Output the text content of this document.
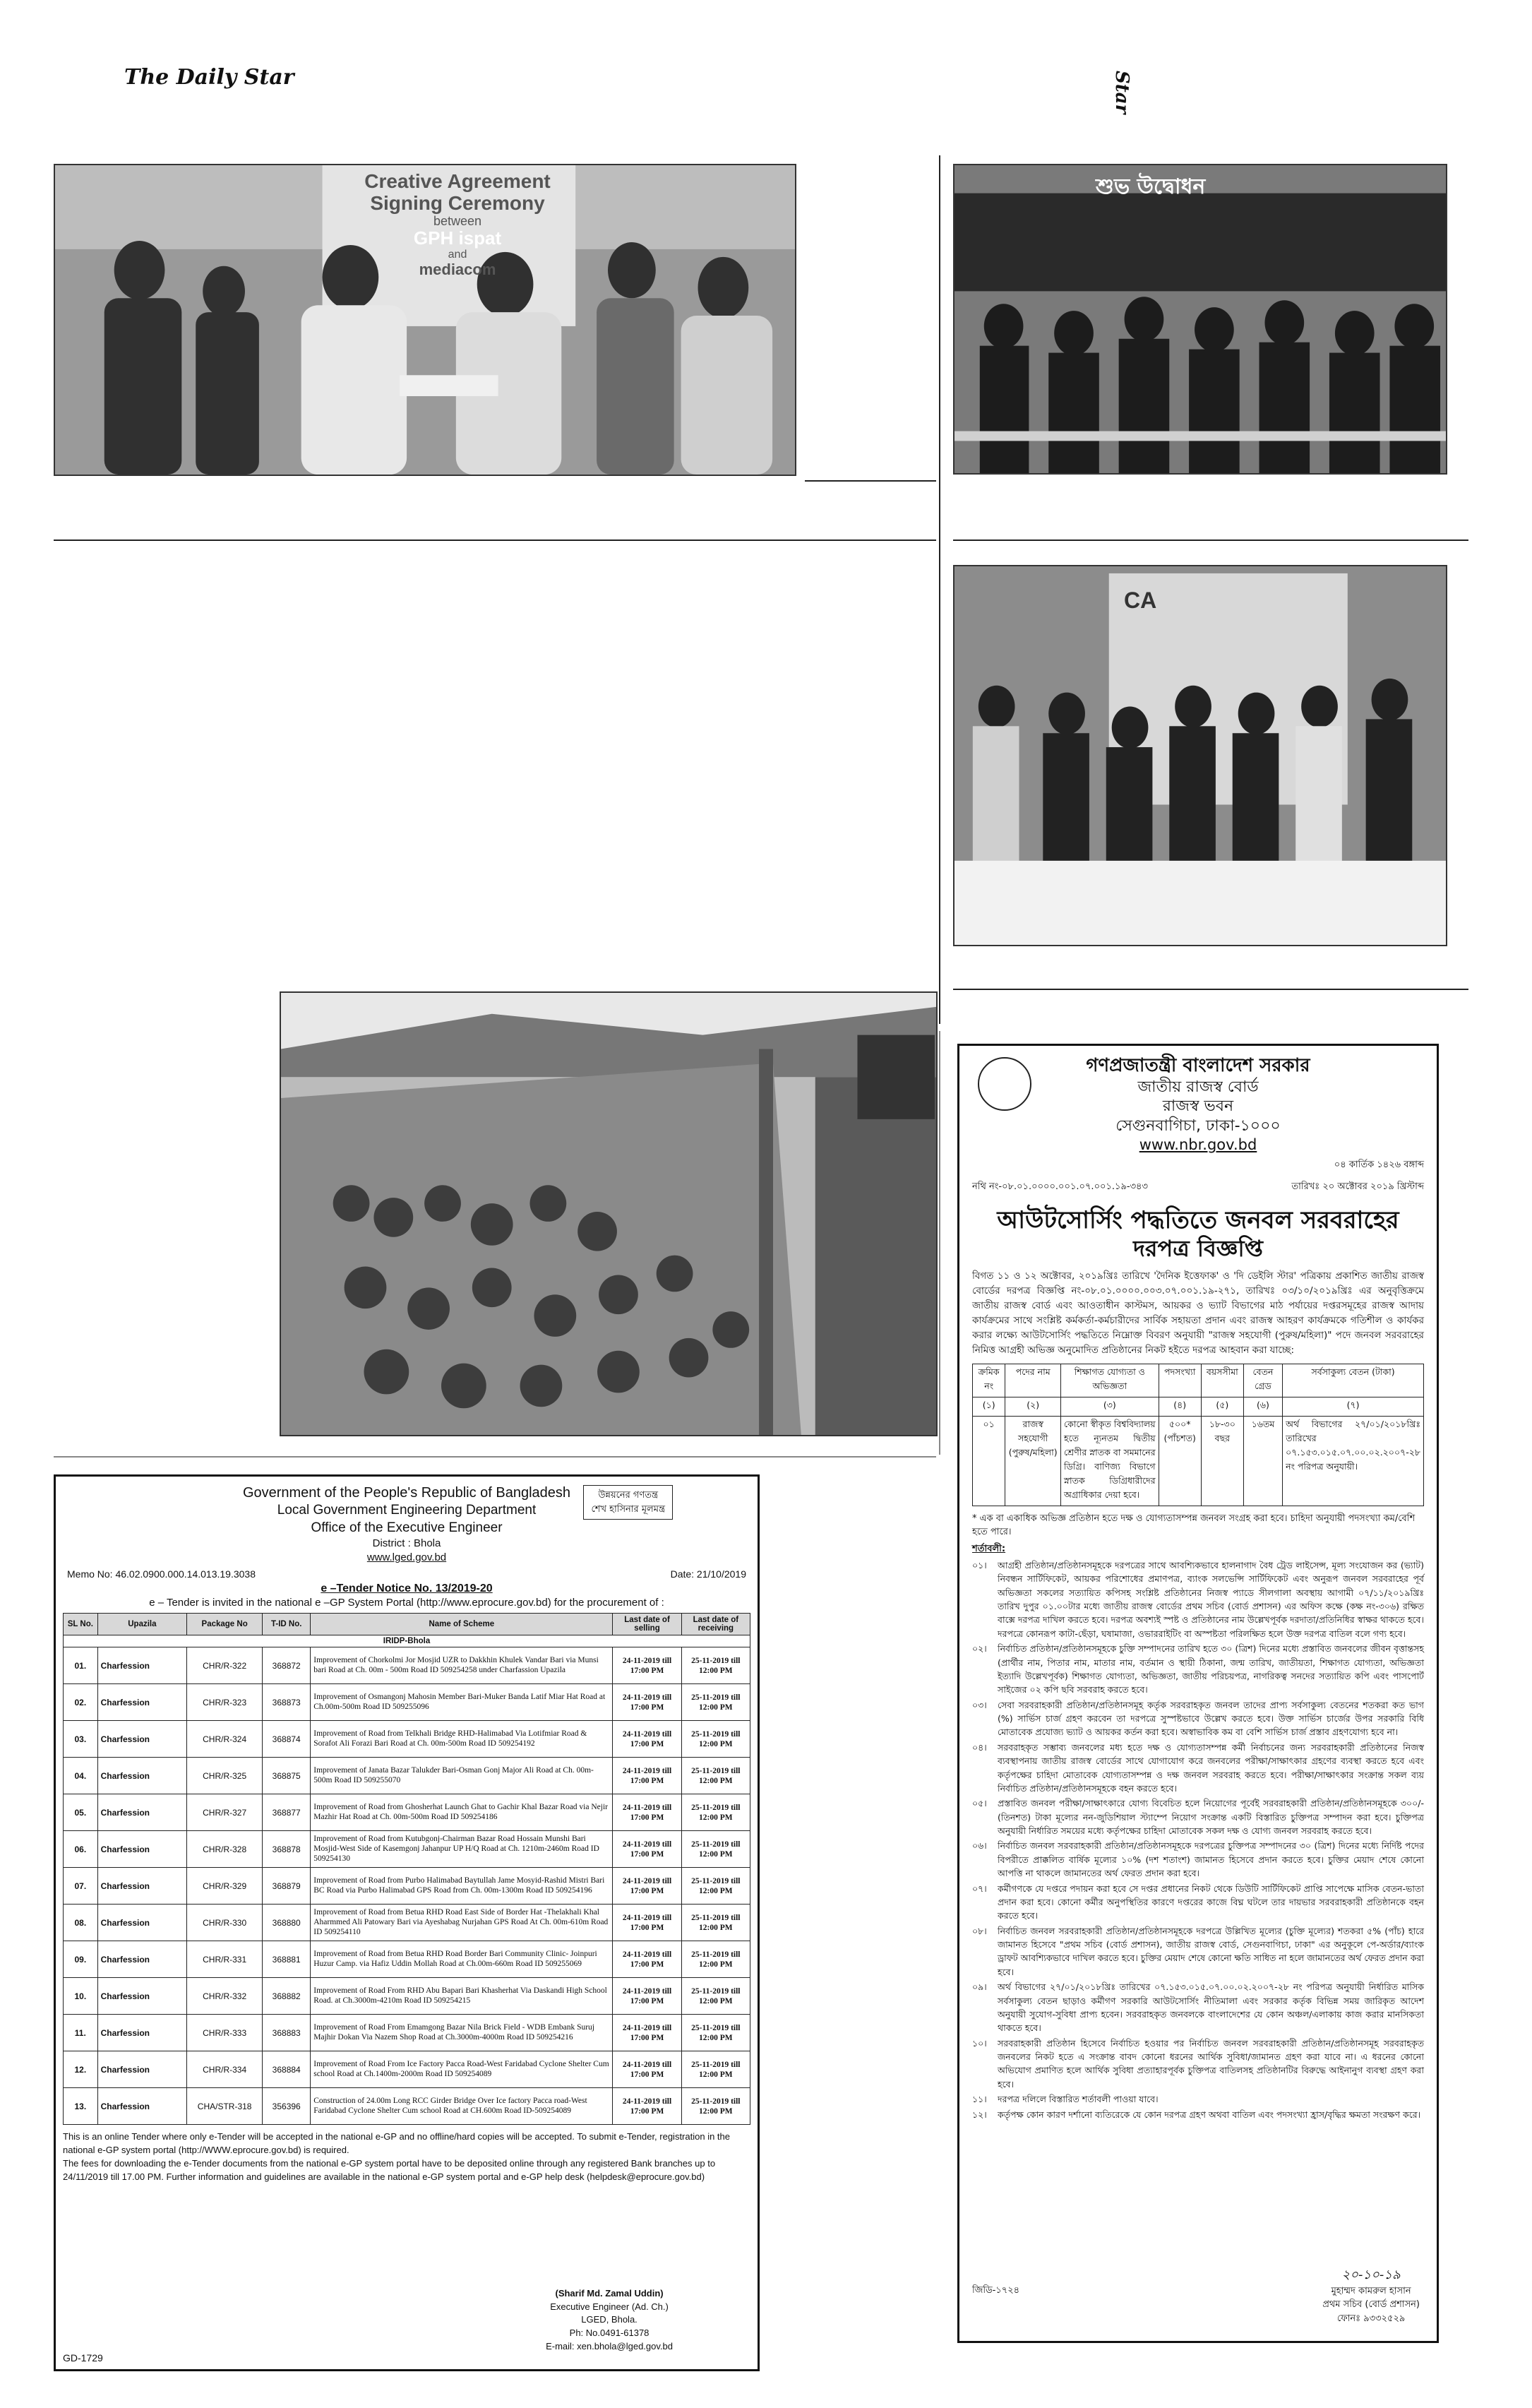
The Daily Star	Star
Creative Agreement
Signing Ceremony
between
GPH ispat
and
mediacom
শুভ উদ্বোধন
CA
গণপ্রজাতন্ত্রী বাংলাদেশ সরকার
জাতীয় রাজস্ব বোর্ড
রাজস্ব ভবন
সেগুনবাগিচা, ঢাকা-১০০০
www.nbr.gov.bd
০৪ কার্তিক ১৪২৬ বঙ্গাব্দ
নথি নং-০৮.০১.০০০০.০০১.০৭.০০১.১৯-৩৪৩	তারিখঃ ২০ অক্টোবর ২০১৯ খ্রিস্টাব্দ
আউটসোর্সিং পদ্ধতিতে জনবল সরবরাহের
দরপত্র বিজ্ঞপ্তি

বিগত ১১ ও ১২ অক্টোবর, ২০১৯খ্রিঃ তারিখে 'দৈনিক ইত্তেফাক' ও 'দি ডেইলি স্টার' পত্রিকায় প্রকাশিত জাতীয় রাজস্ব বোর্ডের দরপত্র বিজ্ঞপ্তি নং-০৮.০১.০০০০.০০৩.০৭.০০১.১৯-২৭১, তারিখঃ ০৩/১০/২০১৯খ্রিঃ এর অনুবৃত্তিক্রমে জাতীয় রাজস্ব বোর্ড এবং আওতাধীন কাস্টমস, আয়কর ও ভ্যাট বিভাগের মাঠ পর্যায়ের দপ্তরসমূহের রাজস্ব আদায় কার্যক্রমের সাথে সংশ্লিষ্ট কর্মকর্তা-কর্মচারীদের সার্বিক সহায়তা প্রদান এবং রাজস্ব আহরণ কার্যক্রমকে গতিশীল ও কার্যকর করার লক্ষ্যে আউটসোর্সিং পদ্ধতিতে নিম্নোক্ত বিবরণ অনুযায়ী "রাজস্ব সহযোগী (পুরুষ/মহিলা)" পদে জনবল সরবরাহের নিমিত্ত আগ্রহী অভিজ্ঞ অনুমোদিত প্রতিষ্ঠানের নিকট হইতে দরপত্র আহবান করা যাচ্ছে:

ক্রমিক নং	পদের নাম	শিক্ষাগত যোগ্যতা ও অভিজ্ঞতা	পদসংখ্যা	বয়সসীমা	বেতন গ্রেড	সর্বসাকুল্য বেতন (টাকা)
(১)	(২)	(৩)	(৪)	(৫)	(৬)	(৭)
০১	রাজস্ব সহযোগী (পুরুষ/মহিলা)	কোনো স্বীকৃত বিশ্ববিদ্যালয় হতে ন্যূনতম দ্বিতীয় শ্রেণীর স্নাতক বা সমমানের ডিগ্রি। বাণিজ্য বিভাগে স্নাতক ডিগ্রিধারীদের অগ্রাধিকার দেয়া হবে।	৫০০* (পাঁচশত)	১৮-৩০ বছর	১৬তম	অর্থ বিভাগের ২৭/০১/২০১৮খ্রিঃ তারিখের ০৭.১৫৩.০১৫.০৭.০০.০২.২০০৭-২৮ নং পরিপত্র অনুযায়ী।
* এক বা একাধিক অভিজ্ঞ প্রতিষ্ঠান হতে দক্ষ ও যোগ্যতাসম্পন্ন জনবল সংগ্রহ করা হবে। চাহিদা অনুযায়ী পদসংখ্যা কম/বেশি হতে পারে।
শর্তাবলী:
০১।	আগ্রহী প্রতিষ্ঠান/প্রতিষ্ঠানসমূহকে দরপত্রের সাথে আবশ্যিকভাবে হালনাগাদ বৈধ ট্রেড লাইসেন্স, মূল্য সংযোজন কর (ভ্যাট) নিবন্ধন সার্টিফিকেট, আয়কর পরিশোধের প্রমাণপত্র, ব্যাংক সলভেন্সি সার্টিফিকেট এবং অনুরূপ জনবল সরবরাহের পূর্ব অভিজ্ঞতা সকলের সত্যায়িত কপিসহ সংশ্লিষ্ট প্রতিষ্ঠানের নিজস্ব প্যাডে সীলগালা অবস্থায় আগামী ০৭/১১/২০১৯খ্রিঃ তারিখ দুপুর ০১.০০টার মধ্যে জাতীয় রাজস্ব বোর্ডের প্রথম সচিব (বোর্ড প্রশাসন) এর অফিস কক্ষে (কক্ষ নং-৩০৬) রক্ষিত বাক্সে দরপত্র দাখিল করতে হবে। দরপত্র অবশ্যই স্পষ্ট ও প্রতিষ্ঠানের নাম উল্লেখপূর্বক দরদাতা/প্রতিনিধির স্বাক্ষর থাকতে হবে। দরপত্রে কোনরূপ কাটা-ছেঁড়া, ঘষামাজা, ওভাররাইটিং বা অস্পষ্টতা পরিলক্ষিত হলে উক্ত দরপত্র বাতিল বলে গণ্য হবে।
০২।	নির্বাচিত প্রতিষ্ঠান/প্রতিষ্ঠানসমূহকে চুক্তি সম্পাদনের তারিখ হতে ৩০ (ত্রিশ) দিনের মধ্যে প্রস্তাবিত জনবলের জীবন বৃত্তান্তসহ (প্রার্থীর নাম, পিতার নাম, মাতার নাম, বর্তমান ও স্থায়ী ঠিকানা, জন্ম তারিখ, জাতীয়তা, শিক্ষাগত যোগ্যতা, অভিজ্ঞতা ইত্যাদি উল্লেখপূর্বক) শিক্ষাগত যোগ্যতা, অভিজ্ঞতা, জাতীয় পরিচয়পত্র, নাগরিকত্ব সনদের সত্যায়িত কপি এবং পাসপোর্ট সাইজের ০২ কপি ছবি সরবরাহ করতে হবে।
০৩।	সেবা সরবরাহকারী প্রতিষ্ঠান/প্রতিষ্ঠানসমূহ কর্তৃক সরবরাহকৃত জনবল তাদের প্রাপ্য সর্বসাকুল্য বেতনের শতকরা কত ভাগ (%) সার্ভিস চার্জ গ্রহণ করবেন তা দরপত্রে সুস্পষ্টভাবে উল্লেখ করতে হবে। উক্ত সার্ভিস চার্জের উপর সরকারি বিধি মোতাবেক প্রযোজ্য ভ্যাট ও আয়কর কর্তন করা হবে। অস্বাভাবিক কম বা বেশি সার্ভিস চার্জ প্রস্তাব গ্রহণযোগ্য হবে না।
০৪।	সরবরাহকৃত সম্ভাব্য জনবলের মধ্য হতে দক্ষ ও যোগ্যতাসম্পন্ন কর্মী নির্বাচনের জন্য সরবরাহকারী প্রতিষ্ঠানের নিজস্ব ব্যবস্থাপনায় জাতীয় রাজস্ব বোর্ডের সাথে যোগাযোগ করে জনবলের পরীক্ষা/সাক্ষাৎকার গ্রহণের ব্যবস্থা করতে হবে এবং কর্তৃপক্ষের চাহিদা মোতাবেক যোগ্যতাসম্পন্ন ও দক্ষ জনবল সরবরাহ করতে হবে। পরীক্ষা/সাক্ষাৎকার সংক্রান্ত সকল ব্যয় নির্বাচিত প্রতিষ্ঠান/প্রতিষ্ঠানসমূহকে বহন করতে হবে।
০৫।	প্রস্তাবিত জনবল পরীক্ষা/সাক্ষাৎকারে যোগ্য বিবেচিত হলে নিয়োগের পূর্বেই সরবরাহকারী প্রতিষ্ঠান/প্রতিষ্ঠানসমূহকে ৩০০/- (তিনশত) টাকা মূল্যের নন-জুডিশিয়াল স্ট্যাম্পে নিয়োগ সংক্রান্ত একটি বিস্তারিত চুক্তিপত্র সম্পাদন করা হবে। চুক্তিপত্র অনুযায়ী নির্ধারিত সময়ের মধ্যে কর্তৃপক্ষের চাহিদা মোতাবেক সকল দক্ষ ও যোগ্য জনবল সরবরাহ করতে হবে।
০৬।	নির্বাচিত জনবল সরবরাহকারী প্রতিষ্ঠান/প্রতিষ্ঠানসমূহকে দরপত্রের চুক্তিপত্র সম্পাদনের ৩০ (ত্রিশ) দিনের মধ্যে নির্দিষ্ট পদের বিপরীতে প্রাক্কলিত বার্ষিক মূল্যের ১০% (দশ শতাংশ) জামানত হিসেবে প্রদান করতে হবে। চুক্তির মেয়াদ শেষে কোনো আপত্তি না থাকলে জামানতের অর্থ ফেরত প্রদান করা হবে।
০৭।	কর্মীগণকে যে দপ্তরে পদায়ন করা হবে সে দপ্তর প্রধানের নিকট থেকে ডিউটি সার্টিফিকেট প্রাপ্তি সাপেক্ষে মাসিক বেতন-ভাতা প্রদান করা হবে। কোনো কর্মীর অনুপস্থিতির কারণে দপ্তরের কাজে বিঘ্ন ঘটলে তার দায়ভার সরবরাহকারী প্রতিষ্ঠানকে বহন করতে হবে।
০৮।	নির্বাচিত জনবল সরবরাহকারী প্রতিষ্ঠান/প্রতিষ্ঠানসমূহকে দরপত্রে উল্লিখিত মূল্যের (চুক্তি মূল্যের) শতকরা ৫% (পাঁচ) হারে জামানত হিসেবে "প্রথম সচিব (বোর্ড প্রশাসন), জাতীয় রাজস্ব বোর্ড, সেগুনবাগিচা, ঢাকা" এর অনুকূলে পে-অর্ডার/ব্যাংক ড্রাফট আবশ্যিকভাবে দাখিল করতে হবে। চুক্তির মেয়াদ শেষে কোনো ক্ষতি সাধিত না হলে জামানতের অর্থ ফেরত প্রদান করা হবে।
০৯।	অর্থ বিভাগের ২৭/০১/২০১৮খ্রিঃ তারিখের ০৭.১৫৩.০১৫.০৭.০০.০২.২০০৭-২৮ নং পরিপত্র অনুযায়ী নির্ধারিত মাসিক সর্বসাকুল্য বেতন ছাড়াও কর্মীগণ সরকারি আউটসোর্সিং নীতিমালা এবং সরকার কর্তৃক বিভিন্ন সময় জারিকৃত আদেশ অনুযায়ী সুযোগ-সুবিধা প্রাপ্য হবেন। সরবরাহকৃত জনবলকে বাংলাদেশের যে কোন অঞ্চল/এলাকায় কাজ করার মানসিকতা থাকতে হবে।
১০।	সরবরাহকারী প্রতিষ্ঠান হিসেবে নির্বাচিত হওয়ার পর নির্বাচিত জনবল সরবরাহকারী প্রতিষ্ঠান/প্রতিষ্ঠানসমূহ সরবরাহকৃত জনবলের নিকট হতে এ সংক্রান্ত বাবদ কোনো ধরনের আর্থিক সুবিধা/জামানত গ্রহণ করা যাবে না। এ ধরনের কোনো অভিযোগ প্রমাণিত হলে আর্থিক সুবিধা প্রত্যাহারপূর্বক চুক্তিপত্র বাতিলসহ প্রতিষ্ঠানটির বিরুদ্ধে আইনানুগ ব্যবস্থা গ্রহণ করা হবে।
১১।	দরপত্র দলিলে বিস্তারিত শর্তাবলী পাওয়া যাবে।
১২।	কর্তৃপক্ষ কোন কারণ দর্শানো ব্যতিরেকে যে কোন দরপত্র গ্রহণ অথবা বাতিল এবং পদসংখ্যা হ্রাস/বৃদ্ধির ক্ষমতা সংরক্ষণ করে।
জিডি-১৭২৪
২০-১০-১৯
মুহাম্মদ কামরুল হাসান
প্রথম সচিব (বোর্ড প্রশাসন)
ফোনঃ ৯৩৩২৫২৯
উন্নয়নের গণতন্ত্র
শেখ হাসিনার মূলমন্ত্র
Government of the People's Republic of Bangladesh
Local Government Engineering Department
Office of the Executive Engineer
District : Bhola
www.lged.gov.bd
Memo No: 46.02.0900.000.14.013.19.3038	Date: 21/10/2019
e –Tender Notice No. 13/2019-20
e – Tender is invited in the national e –GP System Portal (http://www.eprocure.gov.bd) for the procurement of :
SL No.	Upazila	Package No	T-ID No.	Name of Scheme	Last date of selling	Last date of receiving
IRIDP-Bhola						
01.	Charfession	CHR/R-322	368872	Improvement of Chorkolmi Jor Mosjid UZR to Dakkhin Khulek Vandar Bari via Munsi bari Road at Ch. 00m - 500m Road ID 509254258 under Charfassion Upazila	24-11-2019 till 17:00 PM	25-11-2019 till 12:00 PM
02.	Charfession	CHR/R-323	368873	Improvement of Osmangonj Mahosin Member Bari-Muker Banda Latif Miar Hat Road at Ch.00m-500m Road ID 509255096	24-11-2019 till 17:00 PM	25-11-2019 till 12:00 PM
03.	Charfession	CHR/R-324	368874	Improvement of Road from Telkhali Bridge RHD-Halimabad Via Lotifmiar Road & Sorafot Ali Forazi Bari Road at Ch. 00m-500m Road ID 509254192	24-11-2019 till 17:00 PM	25-11-2019 till 12:00 PM
04.	Charfession	CHR/R-325	368875	Improvement of Janata Bazar Talukder Bari-Osman Gonj Major Ali Road at Ch. 00m-500m Road ID 509255070	24-11-2019 till 17:00 PM	25-11-2019 till 12:00 PM
05.	Charfession	CHR/R-327	368877	Improvement of Road from Ghosherhat Launch Ghat to Gachir Khal Bazar Road via Nejir Mazhir Hat Road at Ch. 00m-500m Road ID 509254186	24-11-2019 till 17:00 PM	25-11-2019 till 12:00 PM
06.	Charfession	CHR/R-328	368878	Improvement of Road from Kutubgonj-Chairman Bazar Road Hossain Munshi Bari Mosjid-West Side of Kasemgonj Jahanpur UP H/Q Road at Ch. 1210m-2460m Road ID 509254130	24-11-2019 till 17:00 PM	25-11-2019 till 12:00 PM
07.	Charfession	CHR/R-329	368879	Improvement of Road from Purbo Halimabad Baytullah Jame Mosyid-Rashid Mistri Bari BC Road via Purbo Halimabad GPS Road from Ch. 00m-1300m Road ID 509254196	24-11-2019 till 17:00 PM	25-11-2019 till 12:00 PM
08.	Charfession	CHR/R-330	368880	Improvement of Road from Betua RHD Road East Side of Border Hat -Thelakhali Khal Aharmmed Ali Patowary Bari via Ayeshabag Nurjahan GPS Road At Ch. 00m-610m Road ID 509254110	24-11-2019 till 17:00 PM	25-11-2019 till 12:00 PM
09.	Charfession	CHR/R-331	368881	Improvement of Road from Betua RHD Road Border Bari Community Clinic- Joinpuri Huzur Camp. via Hafiz Uddin Mollah Road at Ch.00m-660m Road ID 509255069	24-11-2019 till 17:00 PM	25-11-2019 till 12:00 PM
10.	Charfession	CHR/R-332	368882	Improvement of Road From RHD Abu Bapari Bari Khasherhat Via Daskandi High School Road. at Ch.3000m-4210m Road ID 509254215	24-11-2019 till 17:00 PM	25-11-2019 till 12:00 PM
11.	Charfession	CHR/R-333	368883	Improvement of Road From Emamgong Bazar Nila Brick Field - WDB Embank Suruj Majhir Dokan Via Nazem Shop Road at Ch.3000m-4000m Road ID 509254216	24-11-2019 till 17:00 PM	25-11-2019 till 12:00 PM
12.	Charfession	CHR/R-334	368884	Improvement of Road From Ice Factory Pacca Road-West Faridabad Cyclone Shelter Cum school Road at Ch.1400m-2000m Road ID 509254089	24-11-2019 till 17:00 PM	25-11-2019 till 12:00 PM
13.	Charfession	CHA/STR-318	356396	Construction of 24.00m Long RCC Girder Bridge Over Ice factory Pacca road-West Faridabad Cyclone Shelter Cum school Road at CH.600m Road ID-509254089	24-11-2019 till 17:00 PM	25-11-2019 till 12:00 PM
This is an online Tender where only e-Tender will be accepted in the national e-GP and no offline/hard copies will be accepted. To submit e-Tender, registration in the national e-GP system portal (http://WWW.eprocure.gov.bd) is required.
The fees for downloading the e-Tender documents from the national e-GP system portal have to be deposited online through any registered Bank branches up to 24/11/2019 till 17.00 PM. Further information and guidelines are available in the national e-GP system portal and e-GP help desk (helpdesk@eprocure.gov.bd)
(Sharif Md. Zamal Uddin)
Executive Engineer (Ad. Ch.)
LGED, Bhola.
Ph: No.0491-61378
E-mail: xen.bhola@lged.gov.bd
GD-1729
